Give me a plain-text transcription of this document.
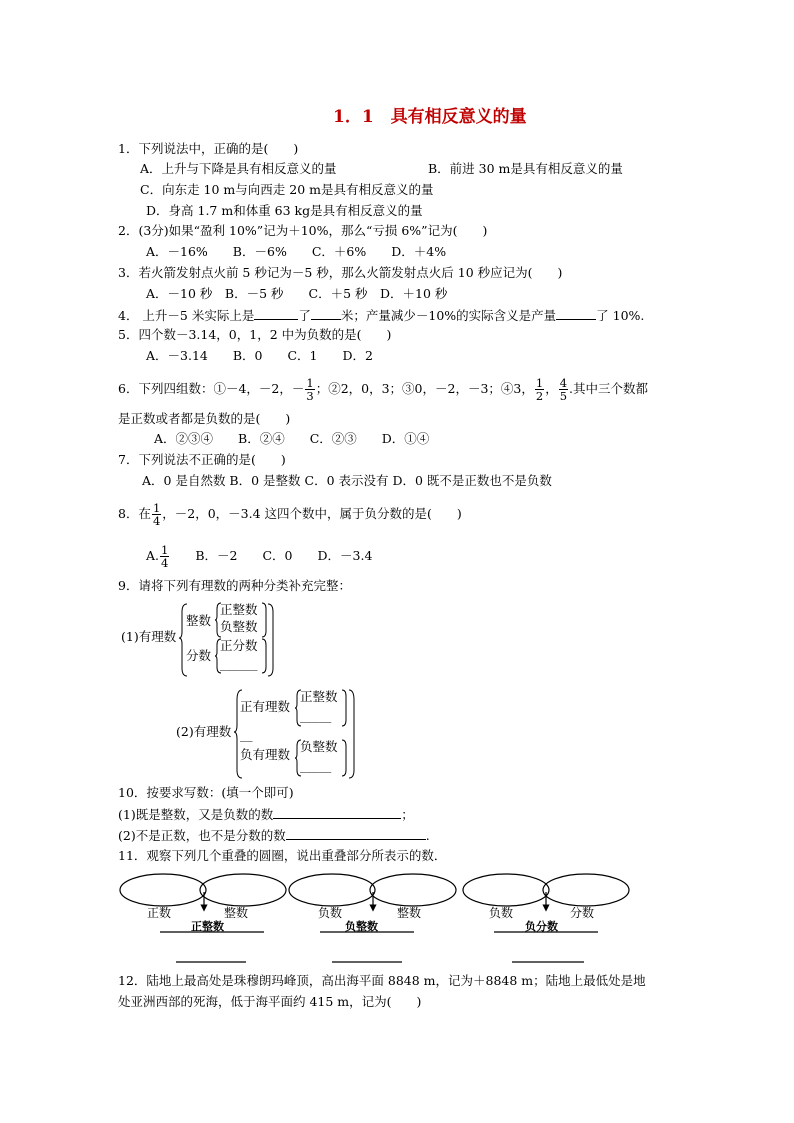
1．1　具有相反意义的量
1．下列说法中，正确的是(　　)
A．上升与下降是具有相反意义的量	B．前进 30 m是具有相反意义的量
C．向东走 10 m与向西走 20 m是具有相反意义的量
D．身高 1.7 m和体重 63 kg是具有相反意义的量
2．(3分)如果“盈利 10%”记为＋10%，那么“亏损 6%”记为(　　)
A．－16%　　B．－6%　　C．＋6%　　D．＋4%
3．若火箭发射点火前 5 秒记为－5 秒，那么火箭发射点火后 10 秒应记为(　　)
A．－10 秒　B．－5 秒　　C．＋5 秒　D．＋10 秒
4． 上升－5 米实际上是	了 米；产量减少－10%的实际含义是产量	了 10%.
5．四个数－3.14，0，1，2 中为负数的是(　　)
A．－3.14　　B．0　　C．1　　D．2
6．下列四组数：①－4，－2，－ $\frac{1}{3}$ ；②2，0，3；③0，－2，－3；④3， $\frac{1}{2}$ ， $\frac{4}{5}$ .其中三个数都
是正数或者都是负数的是(　　)
A．②③④　　B．②④　　C．②③　　D．①④
7．下列说法不正确的是(　　)
A．0 是自然数 B．0 是整数 C．0 表示没有 D．0 既不是正数也不是负数
8．在 $\frac{1}{4}$ ，－2，0，－3.4 这四个数中，属于负分数的是(　　)
A. $\frac{1}{4}$ 　　B．－2　　C．0　　D．－3.4
9．请将下列有理数的两种分类补充完整：
(1)有理数
整数
正整数
负整数
分数
正分数
______
(2)有理数
正有理数
正整数
_____
__
负有理数
负整数
_____
10．按要求写数：(填一个即可)
(1)既是整数，又是负数的数	；
(2)不是正数，也不是分数的数	.
11．观察下列几个重叠的圆圈，说出重叠部分所表示的数．
正数	整数
正整数
负数	整数
负整数
负数	分数
负分数
12．陆地上最高处是珠穆朗玛峰顶，高出海平面 8848 m，记为＋8848 m；陆地上最低处是地
处亚洲西部的死海，低于海平面约 415 m，记为(　　)
